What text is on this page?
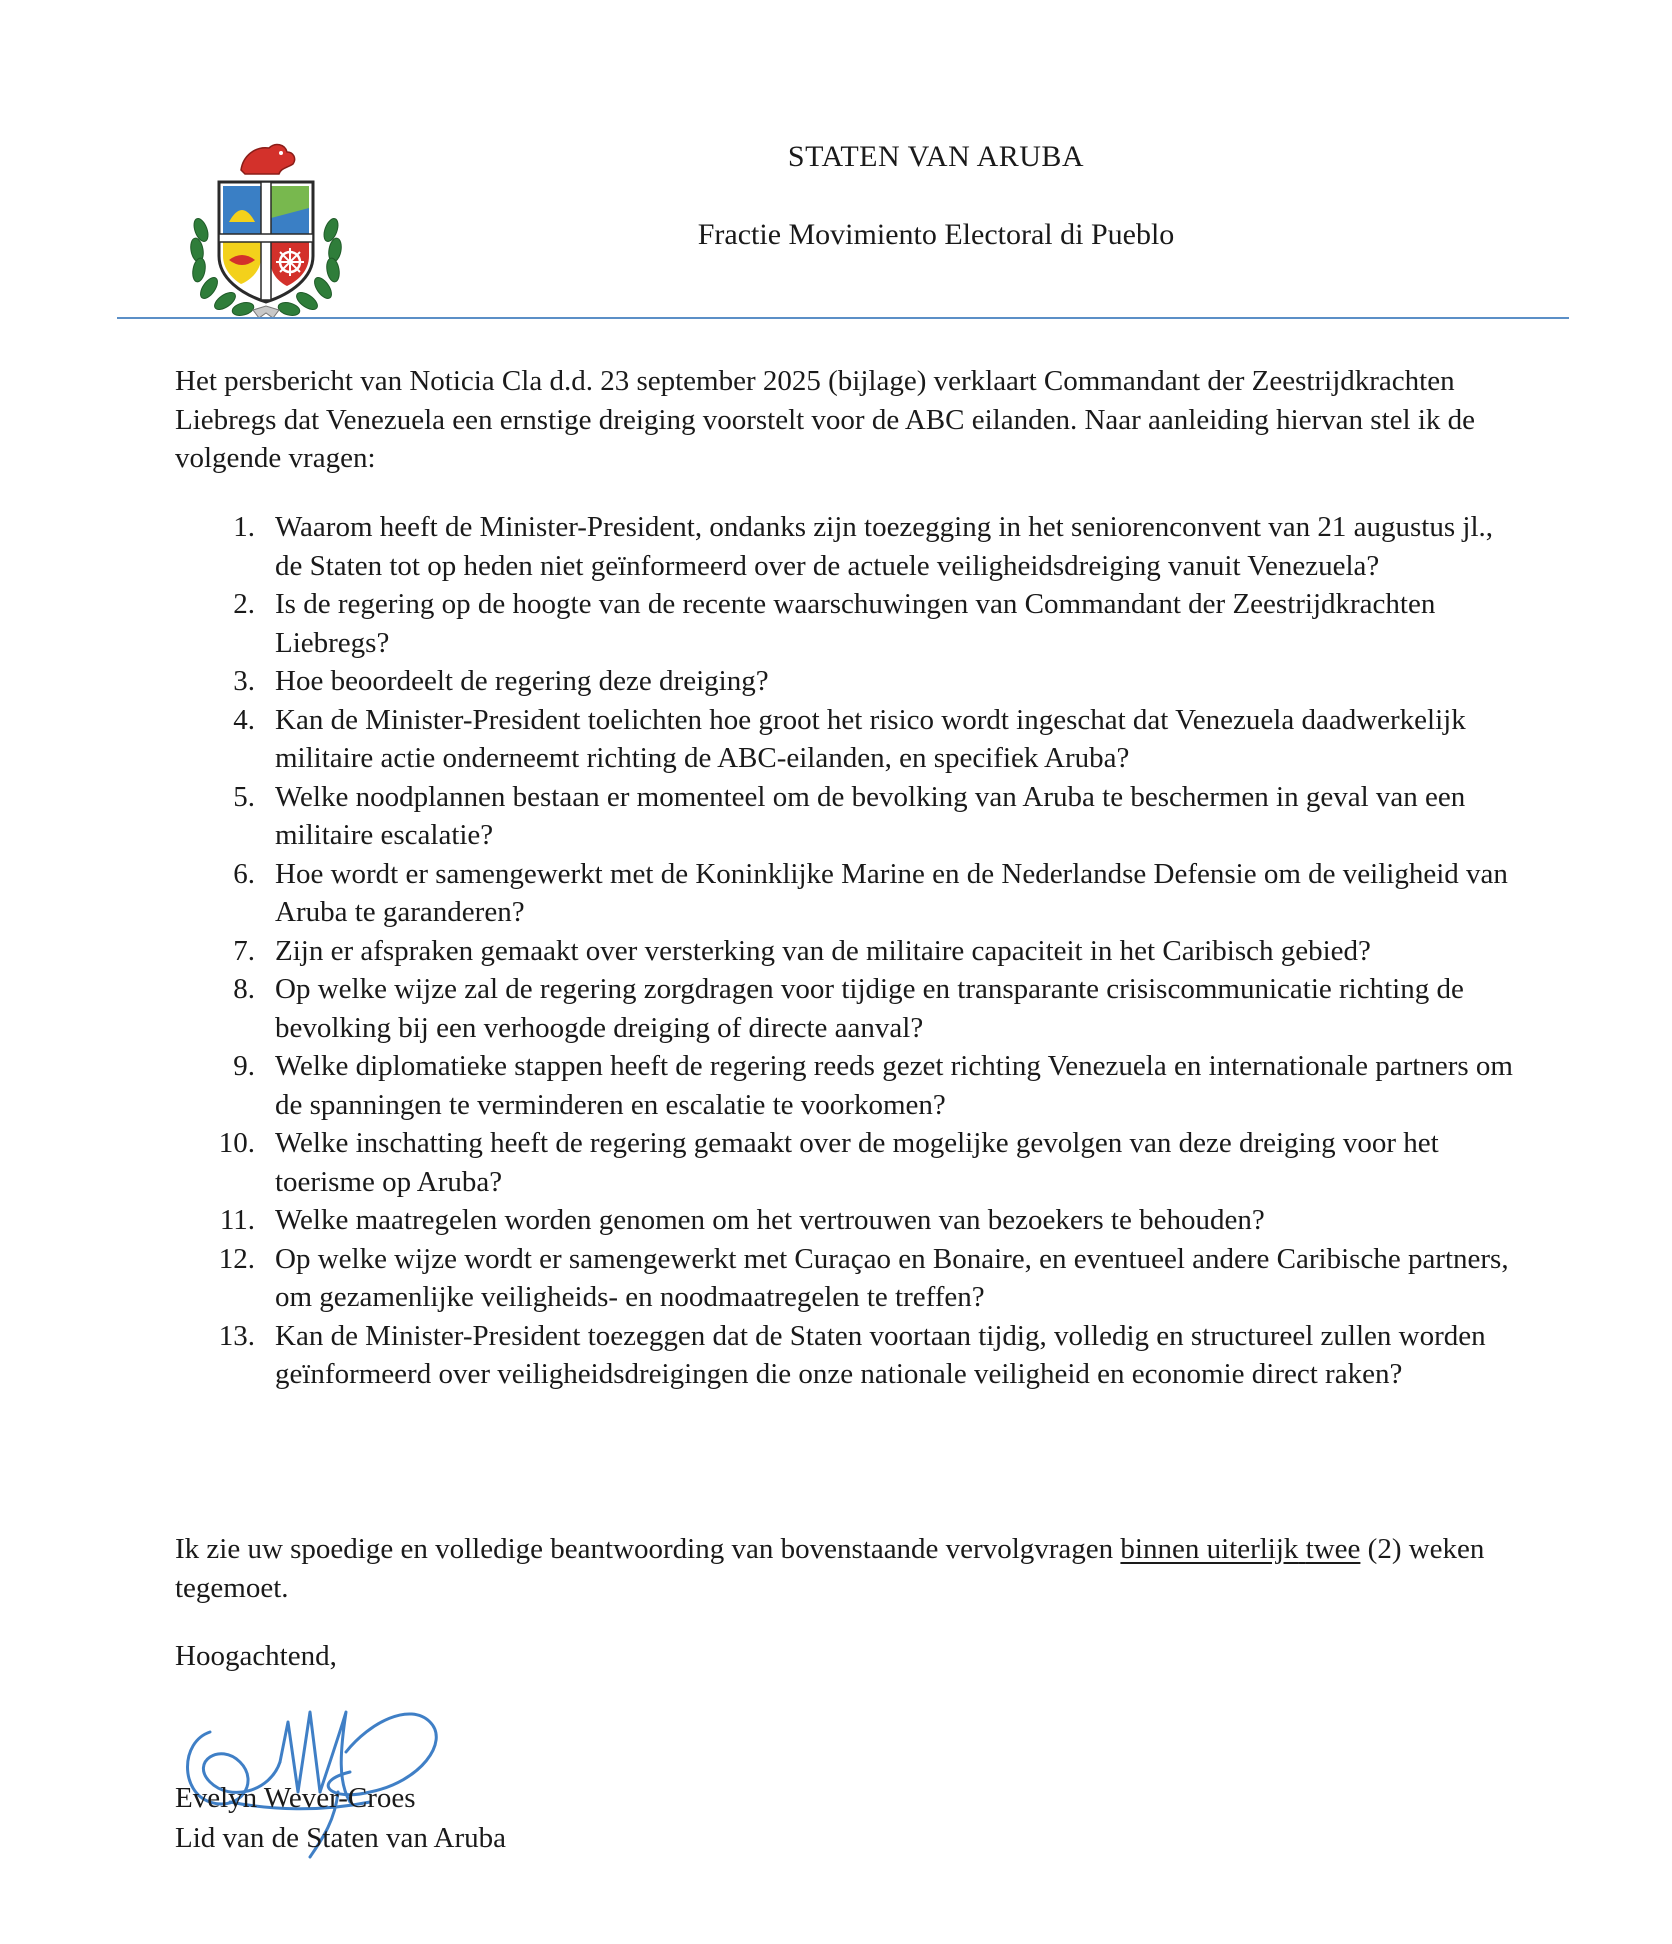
STATEN VAN ARUBA
Fractie Movimiento Electoral di Pueblo
Het persbericht van Noticia Cla d.d. 23 september 2025 (bijlage) verklaart Commandant der Zeestrijdkrachten Liebregs dat Venezuela een ernstige dreiging voorstelt voor de ABC eilanden. Naar aanleiding hiervan stel ik de volgende vragen:
1. Waarom heeft de Minister-President, ondanks zijn toezegging in het seniorenconvent van 21 augustus jl., de Staten tot op heden niet geïnformeerd over de actuele veiligheidsdreiging vanuit Venezuela?
2. Is de regering op de hoogte van de recente waarschuwingen van Commandant der Zeestrijdkrachten Liebregs?
3. Hoe beoordeelt de regering deze dreiging?
4. Kan de Minister-President toelichten hoe groot het risico wordt ingeschat dat Venezuela daadwerkelijk militaire actie onderneemt richting de ABC-eilanden, en specifiek Aruba?
5. Welke noodplannen bestaan er momenteel om de bevolking van Aruba te beschermen in geval van een militaire escalatie?
6. Hoe wordt er samengewerkt met de Koninklijke Marine en de Nederlandse Defensie om de veiligheid van Aruba te garanderen?
7. Zijn er afspraken gemaakt over versterking van de militaire capaciteit in het Caribisch gebied?
8. Op welke wijze zal de regering zorgdragen voor tijdige en transparante crisiscommunicatie richting de bevolking bij een verhoogde dreiging of directe aanval?
9. Welke diplomatieke stappen heeft de regering reeds gezet richting Venezuela en internationale partners om de spanningen te verminderen en escalatie te voorkomen?
10. Welke inschatting heeft de regering gemaakt over de mogelijke gevolgen van deze dreiging voor het toerisme op Aruba?
11. Welke maatregelen worden genomen om het vertrouwen van bezoekers te behouden?
12. Op welke wijze wordt er samengewerkt met Curaçao en Bonaire, en eventueel andere Caribische partners, om gezamenlijke veiligheids- en noodmaatregelen te treffen?
13. Kan de Minister-President toezeggen dat de Staten voortaan tijdig, volledig en structureel zullen worden geïnformeerd over veiligheidsdreigingen die onze nationale veiligheid en economie direct raken?
Ik zie uw spoedige en volledige beantwoording van bovenstaande vervolgvragen binnen uiterlijk twee (2) weken tegemoet.
Hoogachtend,
Evelyn Wever-Croes
Lid van de Staten van Aruba
